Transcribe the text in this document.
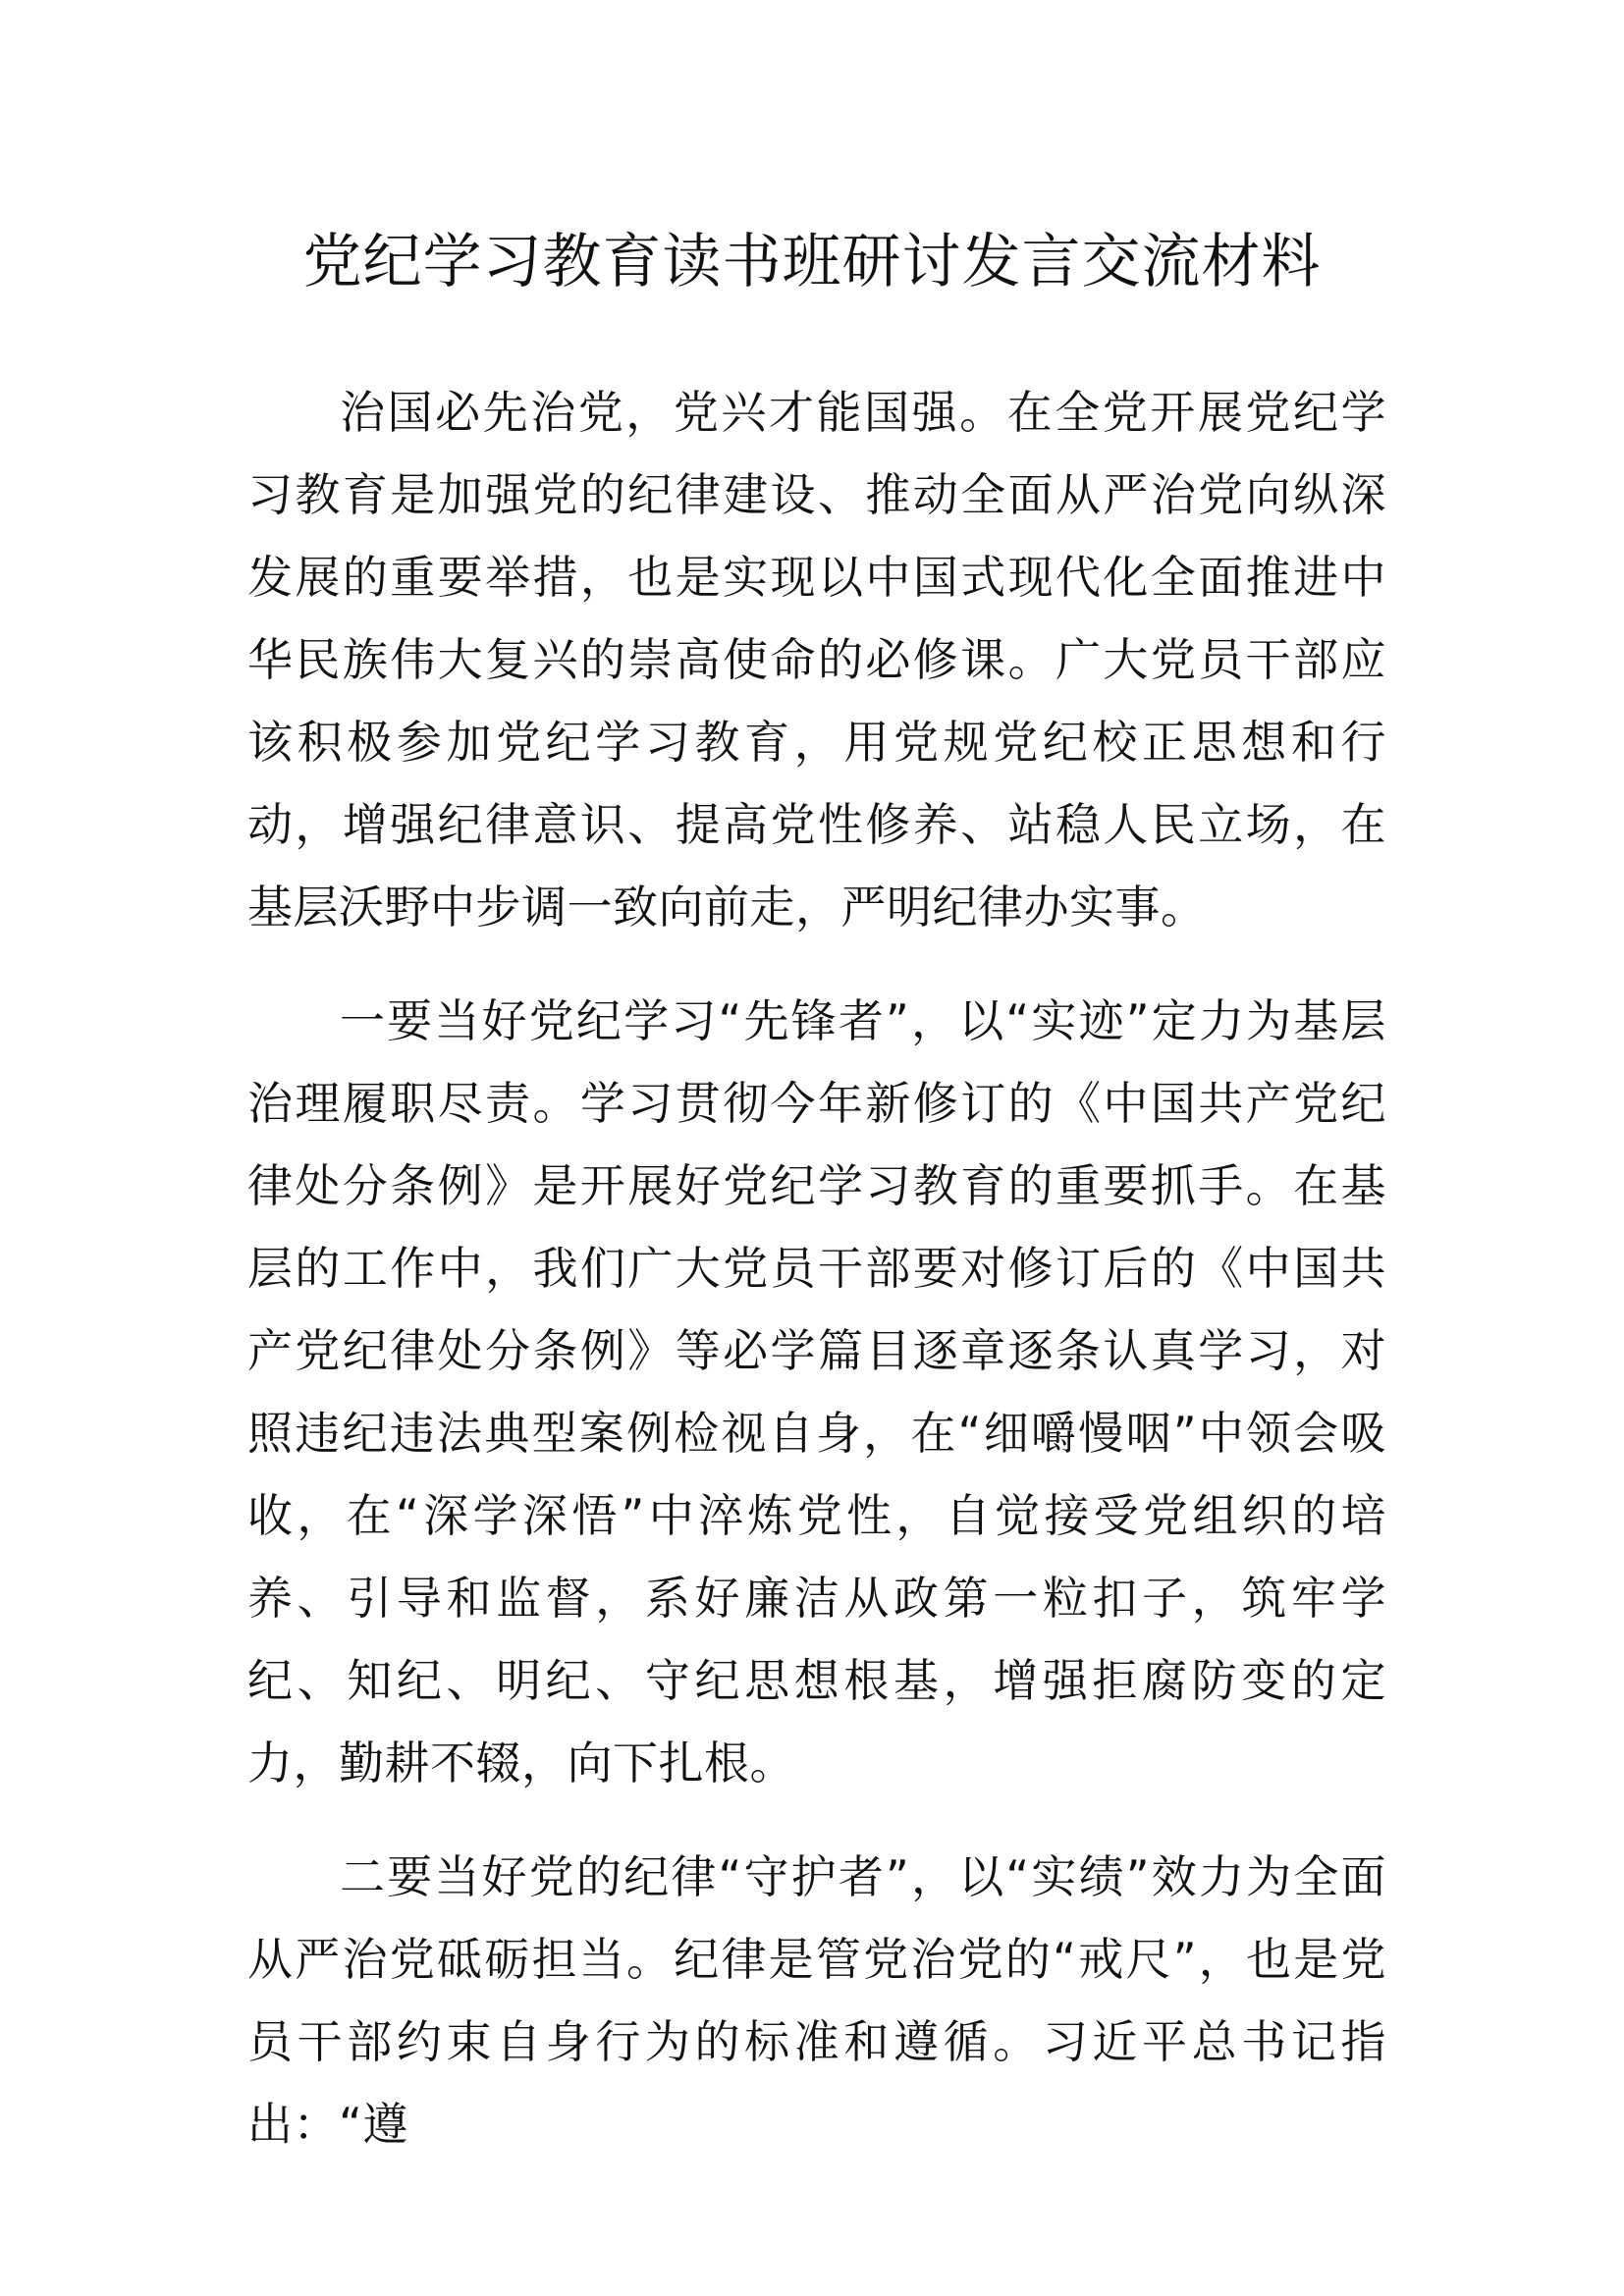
党纪学习教育读书班研讨发言交流材料

治国必先治党，党兴才能国强。在全党开展党纪学习教育是加强党的纪律建设、推动全面从严治党向纵深发展的重要举措，也是实现以中国式现代化全面推进中华民族伟大复兴的崇高使命的必修课。广大党员干部应该积极参加党纪学习教育，用党规党纪校正思想和行动，增强纪律意识、提高党性修养、站稳人民立场，在基层沃野中步调一致向前走，严明纪律办实事。

一要当好党纪学习“先锋者”，以“实迹”定力为基层治理履职尽责。学习贯彻今年新修订的《中国共产党纪律处分条例》是开展好党纪学习教育的重要抓手。在基层的工作中，我们广大党员干部要对修订后的《中国共产党纪律处分条例》等必学篇目逐章逐条认真学习，对照违纪违法典型案例检视自身，在“细嚼慢咽”中领会吸收，在“深学深悟”中淬炼党性，自觉接受党组织的培养、引导和监督，系好廉洁从政第一粒扣子，筑牢学纪、知纪、明纪、守纪思想根基，增强拒腐防变的定力，勤耕不辍，向下扎根。

二要当好党的纪律“守护者”，以“实绩”效力为全面从严治党砥砺担当。纪律是管党治党的“戒尺”，也是党员干部约束自身行为的标准和遵循。习近平总书记指出：“遵
